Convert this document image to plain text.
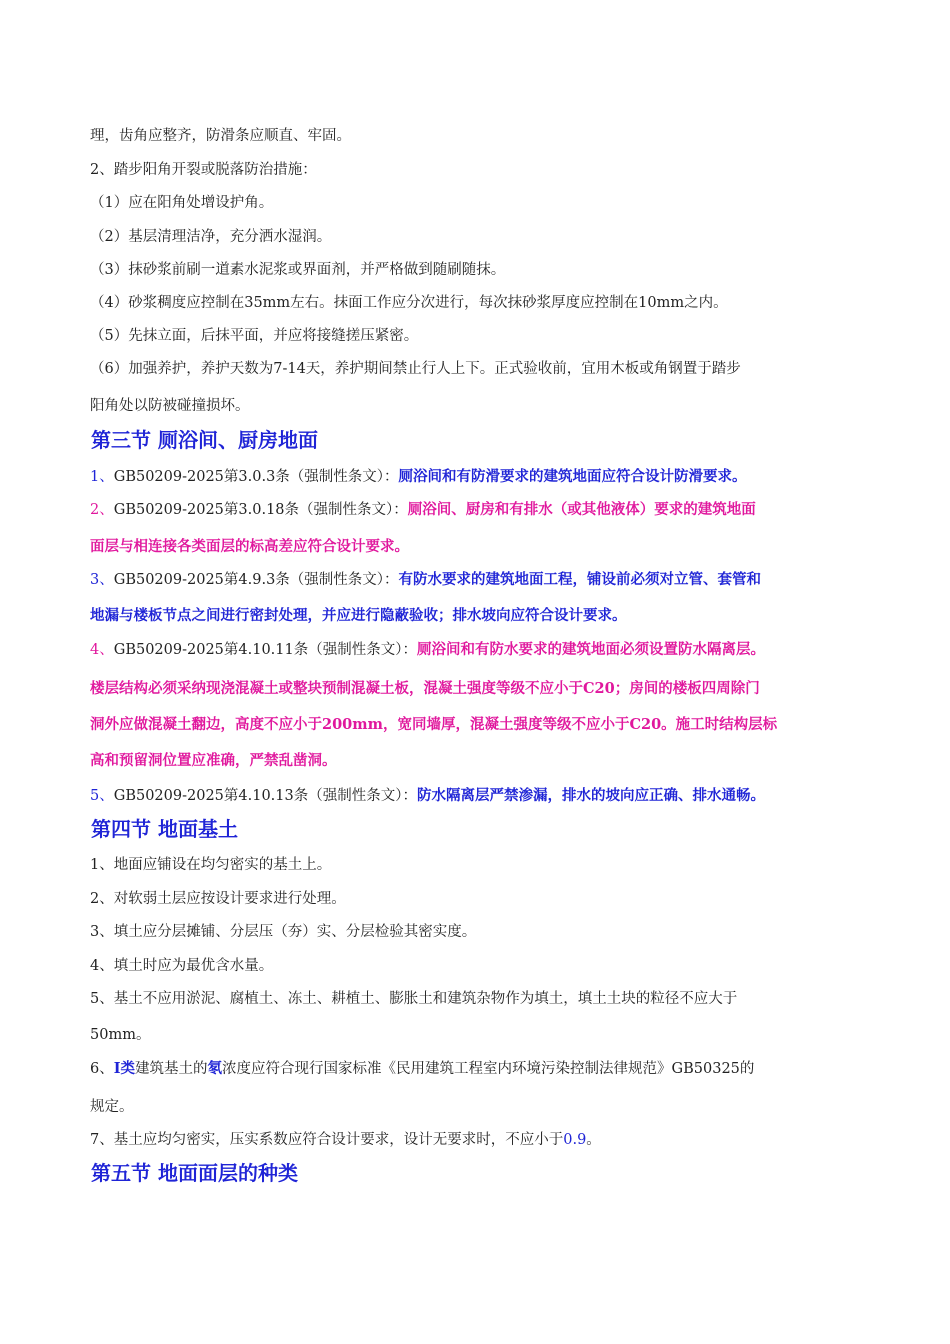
理，齿角应整齐，防滑条应顺直、牢固。
2、踏步阳角开裂或脱落防治措施：
（1）应在阳角处增设护角。
（2）基层清理洁净，充分洒水湿润。
（3）抹砂浆前刷一道素水泥浆或界面剂，并严格做到随刷随抹。
（4）砂浆稠度应控制在35mm左右。抹面工作应分次进行，每次抹砂浆厚度应控制在10mm之内。
（5）先抹立面，后抹平面，并应将接缝搓压紧密。
（6）加强养护，养护天数为7-14天，养护期间禁止行人上下。正式验收前，宜用木板或角钢置于踏步
阳角处以防被碰撞损坏。
第三节 厕浴间、厨房地面
1、GB50209-2025第3.0.3条（强制性条文）：厕浴间和有防滑要求的建筑地面应符合设计防滑要求。
2、GB50209-2025第3.0.18条（强制性条文）：厕浴间、厨房和有排水（或其他液体）要求的建筑地面
面层与相连接各类面层的标高差应符合设计要求。
3、GB50209-2025第4.9.3条（强制性条文）：有防水要求的建筑地面工程，铺设前必须对立管、套管和
地漏与楼板节点之间进行密封处理，并应进行隐蔽验收；排水坡向应符合设计要求。
4、GB50209-2025第4.10.11条（强制性条文）：厕浴间和有防水要求的建筑地面必须设置防水隔离层。
楼层结构必须采纳现浇混凝土或整块预制混凝土板，混凝土强度等级不应小于C20；房间的楼板四周除门
洞外应做混凝土翻边，高度不应小于200mm，宽同墙厚，混凝土强度等级不应小于C20。施工时结构层标
高和预留洞位置应准确，严禁乱凿洞。
5、GB50209-2025第4.10.13条（强制性条文）：防水隔离层严禁渗漏，排水的坡向应正确、排水通畅。
第四节 地面基土
1、地面应铺设在均匀密实的基土上。
2、对软弱土层应按设计要求进行处理。
3、填土应分层摊铺、分层压（夯）实、分层检验其密实度。
4、填土时应为最优含水量。
5、基土不应用淤泥、腐植土、冻土、耕植土、膨胀土和建筑杂物作为填土，填土土块的粒径不应大于
50mm。
6、Ⅰ类建筑基土的氡浓度应符合现行国家标准《民用建筑工程室内环境污染控制法律规范》GB50325的
规定。
7、基土应均匀密实，压实系数应符合设计要求，设计无要求时，不应小于0.9。
第五节 地面面层的种类
